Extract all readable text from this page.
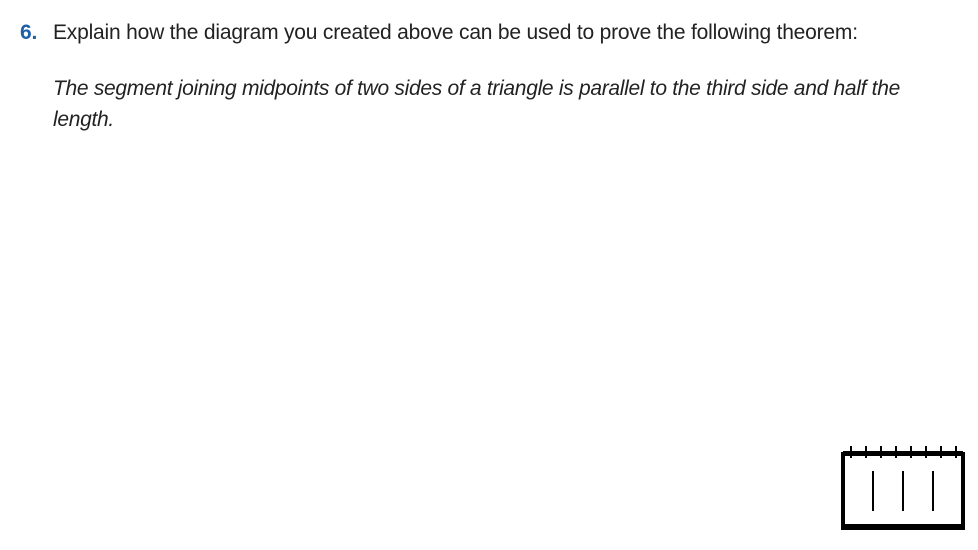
6. Explain how the diagram you created above can be used to prove the following theorem:
The segment joining midpoints of two sides of a triangle is parallel to the third side and half the length.
